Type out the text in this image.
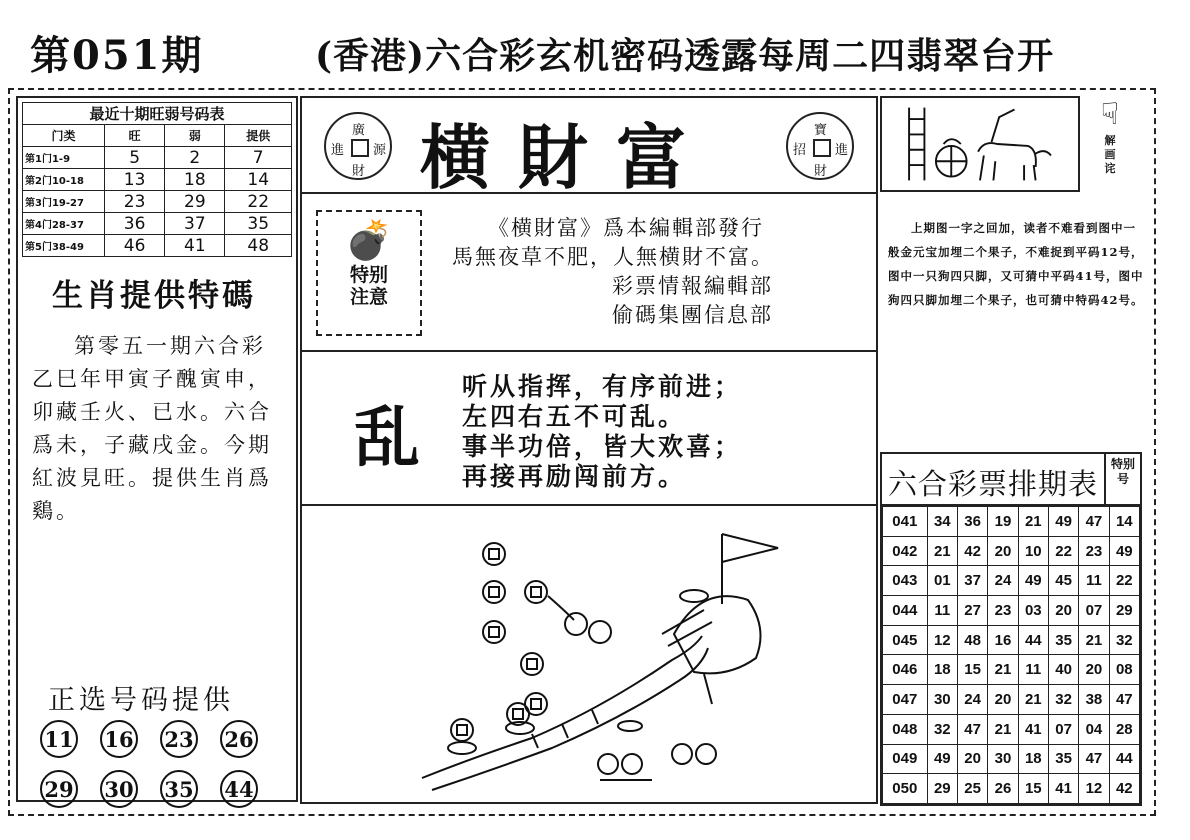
第051期	(香港)六合彩玄机密码透露每周二四翡翠台开
最近十期旺弱号码表			
门类	旺	弱	提供
第1门1-9	5	2	7
第2门10-18	13	18	14
第3门19-27	23	29	22
第4门28-37	36	37	35
第5门38-49	46	41	48
生肖提供特碼
第零五一期六合彩乙巳年甲寅子醜寅申，卯藏壬火、已水。六合爲未，子藏戌金。今期紅波見旺。提供生肖爲鷄。
正选号码提供
11 16 23 26
29 30 35 44
廣
財
進 源 横財富	寶
財
招 進
💣
特别
注意

《横財富》爲本編輯部發行

馬無夜草不肥，人無横財不富。

彩票情報編輯部

偷碼集團信息部

乱
听从指挥，有序前进；
左四右五不可乱。
事半功倍，皆大欢喜；
再接再励闯前方。
☟
解画诧
上期图一字之回加，读者不难看到图中一般金元宝加埋二个果子，不难捉到平码12号，图中一只狗四只脚，又可猜中平码41号，图中狗四只脚加埋二个果子，也可猜中特码42号。
六合彩票排期表
特别号
041	34	36	19	21	49	47	14
042	21	42	20	10	22	23	49
043	01	37	24	49	45	11	22
044	11	27	23	03	20	07	29
045	12	48	16	44	35	21	32
046	18	15	21	11	40	20	08
047	30	24	20	21	32	38	47
048	32	47	21	41	07	04	28
049	49	20	30	18	35	47	44
050	29	25	26	15	41	12	42
